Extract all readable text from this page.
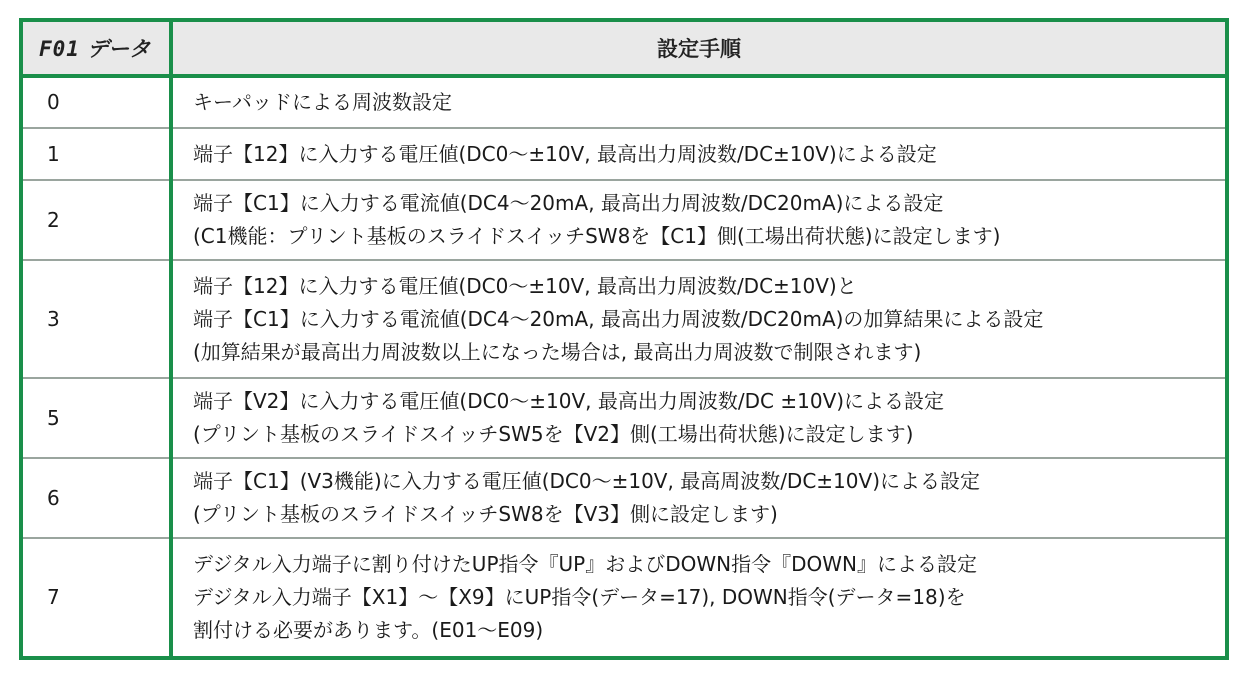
F01 データ	設定手順
0	キーパッドによる周波数設定

1	端子【12】に入力する電圧値(DC0～±10V, 最高出力周波数/DC±10V)による設定

2	端子【C1】に入力する電流値(DC4～20mA, 最高出力周波数/DC20mA)による設定
(C1機能：プリント基板のスライドスイッチSW8を【C1】側(工場出荷状態)に設定します)

3	端子【12】に入力する電圧値(DC0～±10V, 最高出力周波数/DC±10V)と
端子【C1】に入力する電流値(DC4～20mA, 最高出力周波数/DC20mA)の加算結果による設定
(加算結果が最高出力周波数以上になった場合は, 最高出力周波数で制限されます)

5	端子【V2】に入力する電圧値(DC0～±10V, 最高出力周波数/DC ±10V)による設定
(プリント基板のスライドスイッチSW5を【V2】側(工場出荷状態)に設定します)

6	端子【C1】(V3機能)に入力する電圧値(DC0～±10V, 最高周波数/DC±10V)による設定
(プリント基板のスライドスイッチSW8を【V3】側に設定します)

7	デジタル入力端子に割り付けたUP指令『UP』およびDOWN指令『DOWN』による設定
デジタル入力端子【X1】～【X9】にUP指令(データ=17), DOWN指令(データ=18)を
割付ける必要があります。(E01～E09)
